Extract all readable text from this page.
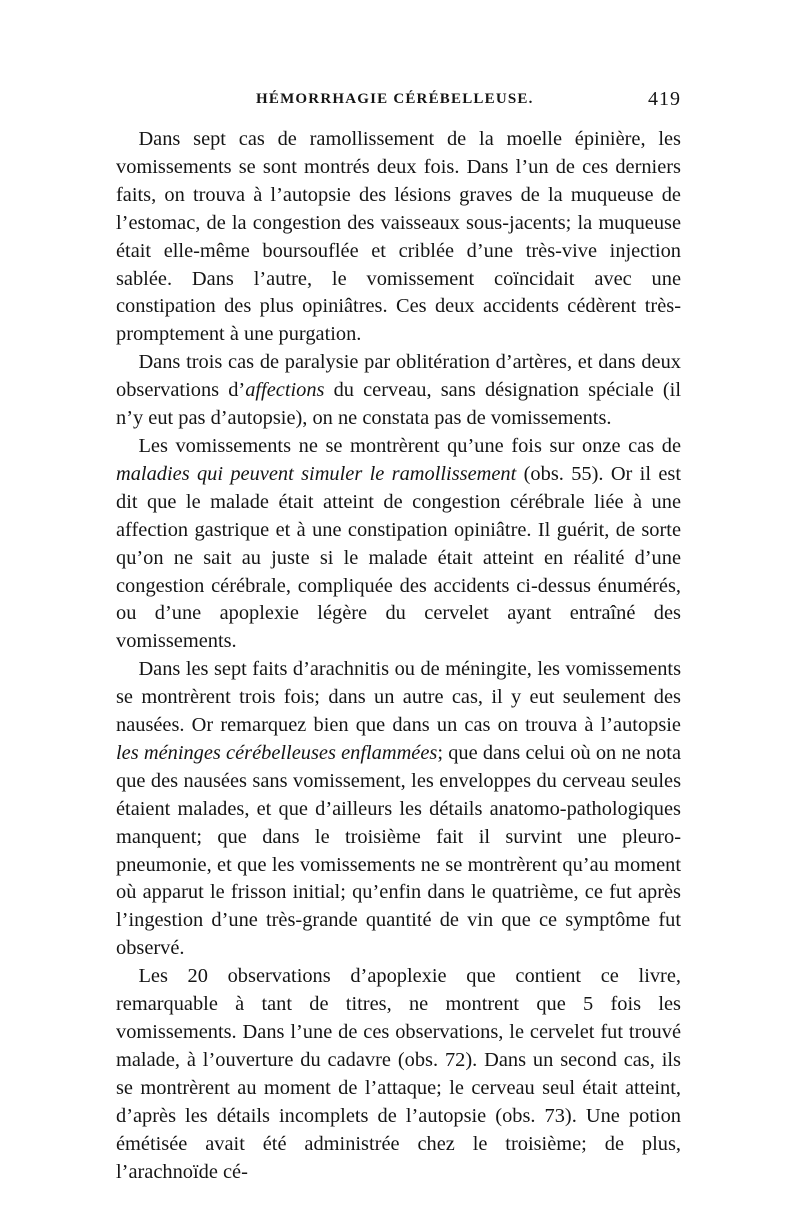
HÉMORRHAGIE CÉRÉBELLEUSE.	419

Dans sept cas de ramollissement de la moelle épinière, les vomissements se sont montrés deux fois. Dans l’un de ces derniers faits, on trouva à l’autopsie des lésions graves de la muqueuse de l’estomac, de la congestion des vaisseaux sous-jacents; la muqueuse était elle-même boursouflée et criblée d’une très-vive injection sablée. Dans l’autre, le vomissement coïncidait avec une constipation des plus opiniâtres. Ces deux accidents cédèrent très-promptement à une purgation.

Dans trois cas de paralysie par oblitération d’artères, et dans deux observations d’affections du cerveau, sans désignation spéciale (il n’y eut pas d’autopsie), on ne constata pas de vomissements.

Les vomissements ne se montrèrent qu’une fois sur onze cas de maladies qui peuvent simuler le ramollissement (obs. 55). Or il est dit que le malade était atteint de congestion cérébrale liée à une affection gastrique et à une constipation opiniâtre. Il guérit, de sorte qu’on ne sait au juste si le malade était atteint en réalité d’une congestion cérébrale, compliquée des accidents ci-dessus énumérés, ou d’une apoplexie légère du cervelet ayant entraîné des vomissements.

Dans les sept faits d’arachnitis ou de méningite, les vomissements se montrèrent trois fois; dans un autre cas, il y eut seulement des nausées. Or remarquez bien que dans un cas on trouva à l’autopsie les méninges cérébelleuses enflammées; que dans celui où on ne nota que des nausées sans vomissement, les enveloppes du cerveau seules étaient malades, et que d’ailleurs les détails anatomo-pathologiques manquent; que dans le troisième fait il survint une pleuro-pneumonie, et que les vomissements ne se montrèrent qu’au moment où apparut le frisson initial; qu’enfin dans le quatrième, ce fut après l’ingestion d’une très-grande quantité de vin que ce symptôme fut observé.

Les 20 observations d’apoplexie que contient ce livre, remarquable à tant de titres, ne montrent que 5 fois les vomissements. Dans l’une de ces observations, le cervelet fut trouvé malade, à l’ouverture du cadavre (obs. 72). Dans un second cas, ils se montrèrent au moment de l’attaque; le cerveau seul était atteint, d’après les détails incomplets de l’autopsie (obs. 73). Une potion émétisée avait été administrée chez le troisième; de plus, l’arachnoïde cé-
